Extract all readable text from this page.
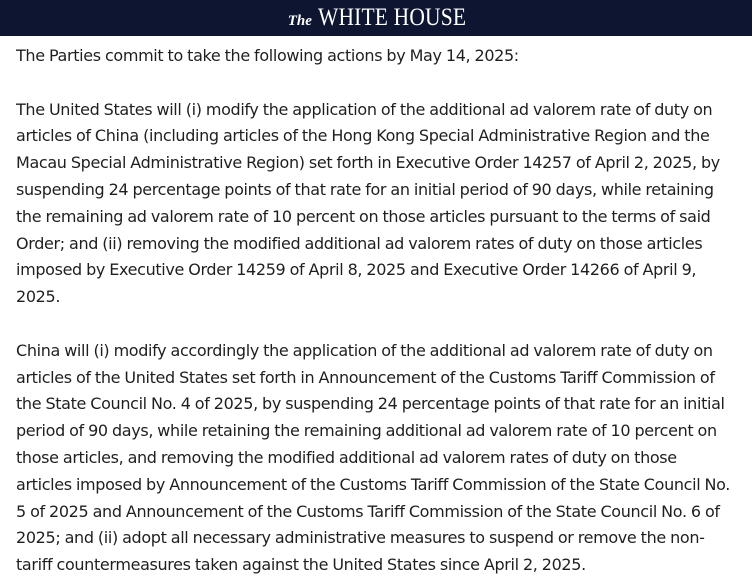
The WHITE HOUSE

The Parties commit to take the following actions by May 14, 2025:

The United States will (i) modify the application of the additional ad valorem rate of duty on articles of China (including articles of the Hong Kong Special Administrative Region and the Macau Special Administrative Region) set forth in Executive Order 14257 of April 2, 2025, by suspending 24 percentage points of that rate for an initial period of 90 days, while retaining the remaining ad valorem rate of 10 percent on those articles pursuant to the terms of said Order; and (ii) removing the modified additional ad valorem rates of duty on those articles imposed by Executive Order 14259 of April 8, 2025 and Executive Order 14266 of April 9, 2025.

China will (i) modify accordingly the application of the additional ad valorem rate of duty on articles of the United States set forth in Announcement of the Customs Tariff Commission of the State Council No. 4 of 2025, by suspending 24 percentage points of that rate for an initial period of 90 days, while retaining the remaining additional ad valorem rate of 10 percent on those articles, and removing the modified additional ad valorem rates of duty on those articles imposed by Announcement of the Customs Tariff Commission of the State Council No. 5 of 2025 and Announcement of the Customs Tariff Commission of the State Council No. 6 of 2025; and (ii) adopt all necessary administrative measures to suspend or remove the non-tariff countermeasures taken against the United States since April 2, 2025.
